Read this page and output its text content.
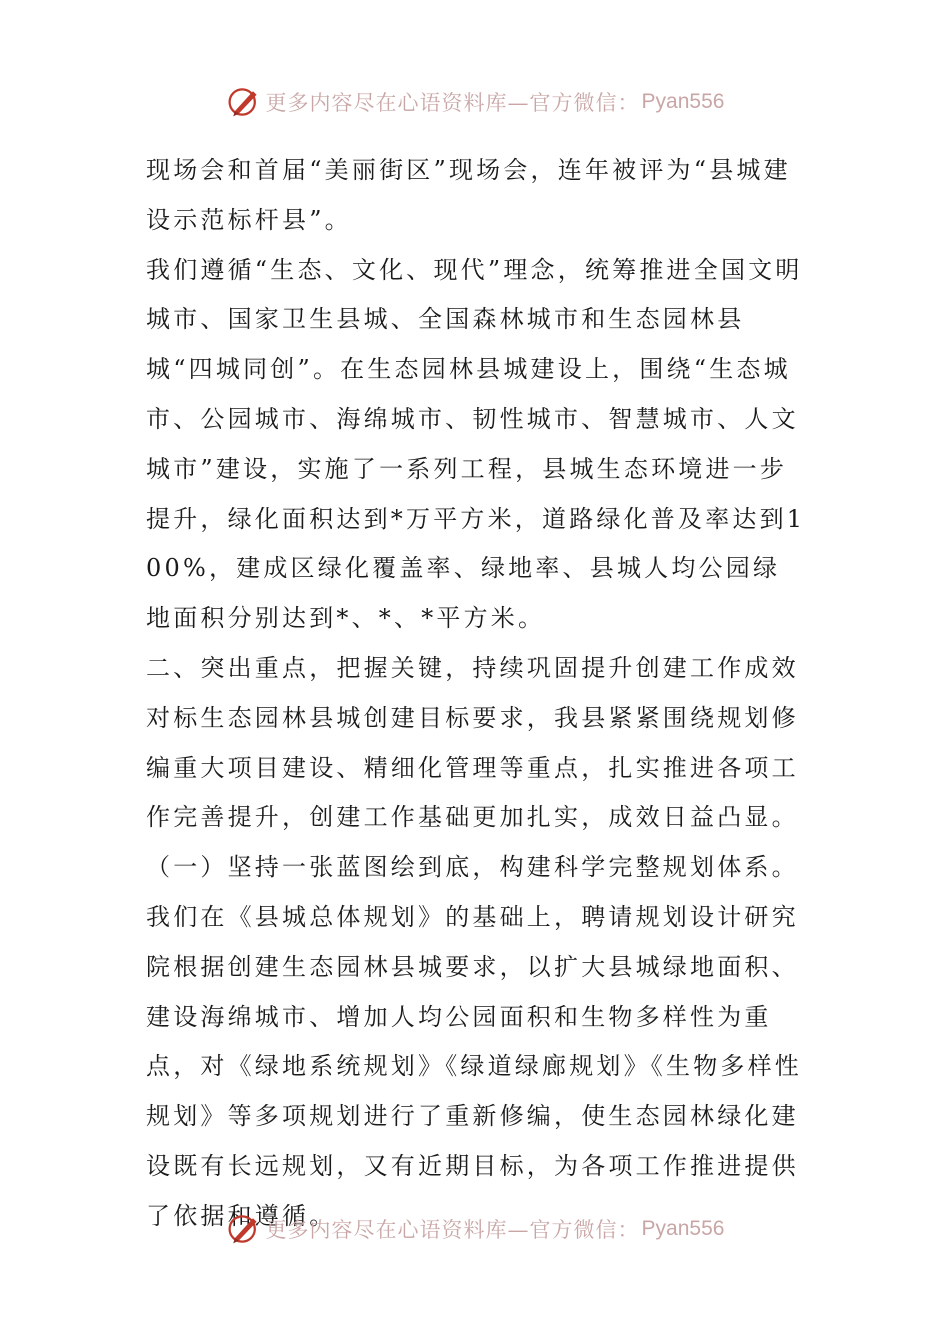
更多内容尽在心语资料库—官方微信： Pyan556

现场会和首届“美丽街区”现场会，连年被评为“县城建设示范标杆县”。

我们遵循“生态、文化、现代”理念，统筹推进全国文明城市、国家卫生县城、全国森林城市和生态园林县城“四城同创”。在生态园林县城建设上，围绕“生态城市、公园城市、海绵城市、韧性城市、智慧城市、人文城市”建设，实施了一系列工程，县城生态环境进一步提升，绿化面积达到*万平方米，道路绿化普及率达到100%，建成区绿化覆盖率、绿地率、县城人均公园绿地面积分别达到*、*、*平方米。

二、突出重点，把握关键，持续巩固提升创建工作成效

对标生态园林县城创建目标要求，我县紧紧围绕规划修编重大项目建设、精细化管理等重点，扎实推进各项工作完善提升，创建工作基础更加扎实，成效日益凸显。

（一）坚持一张蓝图绘到底，构建科学完整规划体系。我们在《县城总体规划》的基础上，聘请规划设计研究院根据创建生态园林县城要求，以扩大县城绿地面积、建设海绵城市、增加人均公园面积和生物多样性为重点，对《绿地系统规划》《绿道绿廊规划》《生物多样性规划》等多项规划进行了重新修编，使生态园林绿化建设既有长远规划，又有近期目标，为各项工作推进提供了依据和遵循。

更多内容尽在心语资料库—官方微信： Pyan556
